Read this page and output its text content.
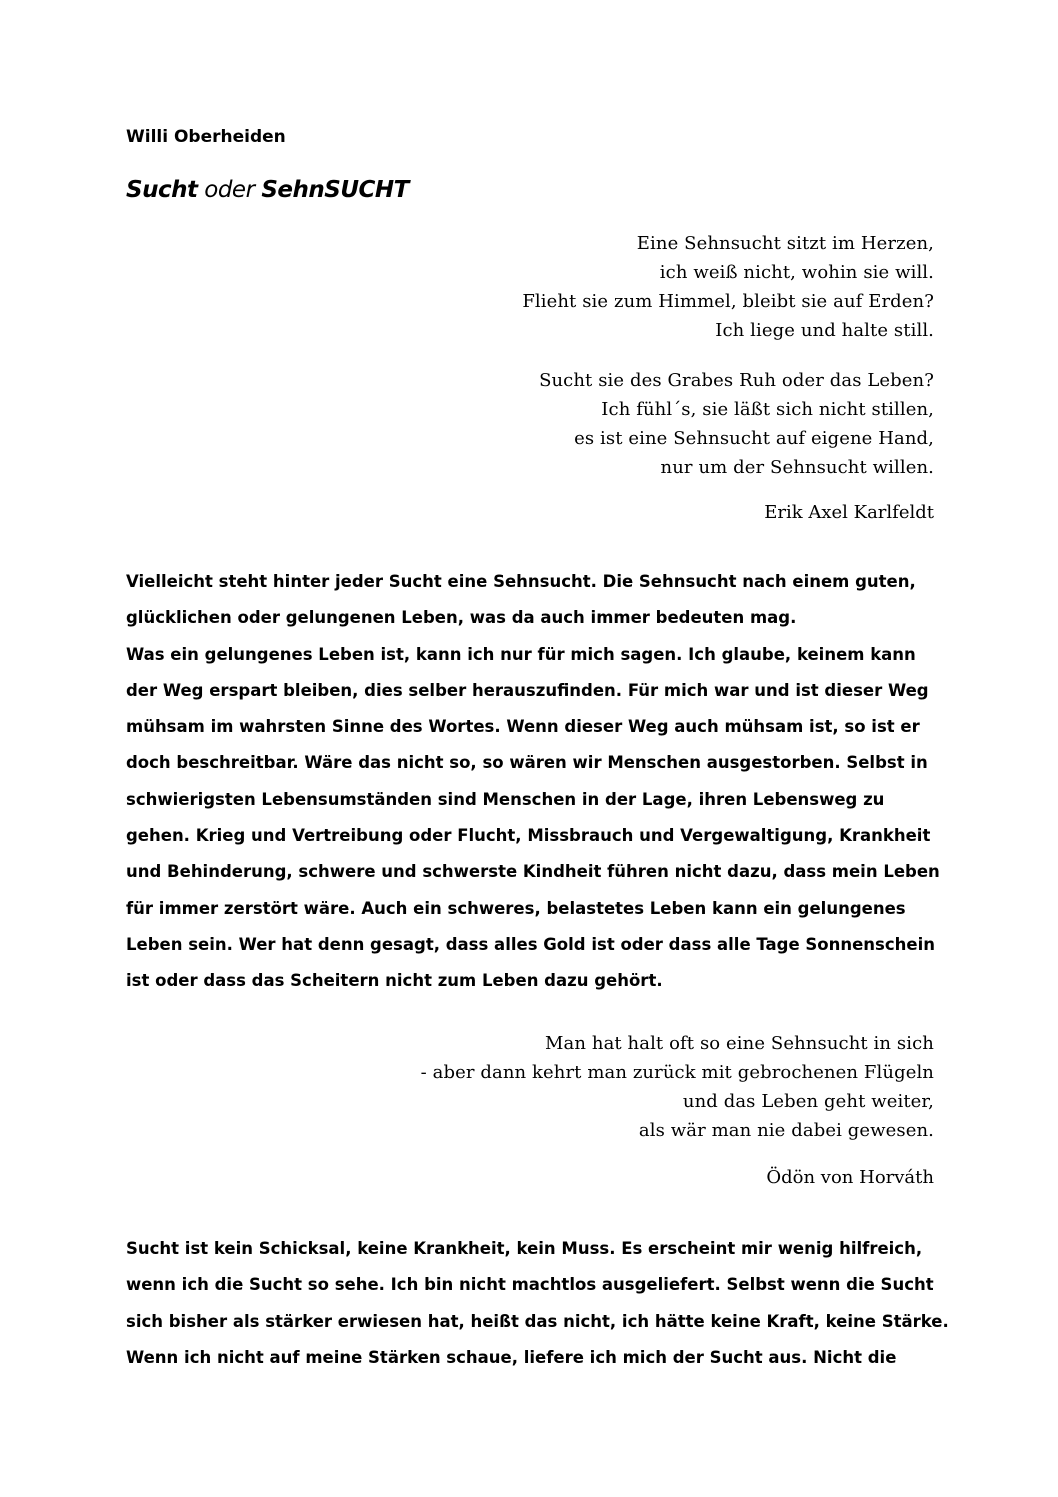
Willi Oberheiden
Sucht oder SehnSUCHT
Eine Sehnsucht sitzt im Herzen,
ich weiß nicht, wohin sie will.
Flieht sie zum Himmel, bleibt sie auf Erden?
Ich liege und halte still.
Sucht sie des Grabes Ruh oder das Leben?
Ich fühl´s, sie läßt sich nicht stillen,
es ist eine Sehnsucht auf eigene Hand,
nur um der Sehnsucht willen.
Erik Axel Karlfeldt
Vielleicht steht hinter jeder Sucht eine Sehnsucht. Die Sehnsucht nach einem guten,
glücklichen oder gelungenen Leben, was da auch immer bedeuten mag.
Was ein gelungenes Leben ist, kann ich nur für mich sagen. Ich glaube, keinem kann
der Weg erspart bleiben, dies selber herauszufinden. Für mich war und ist dieser Weg
mühsam im wahrsten Sinne des Wortes. Wenn dieser Weg auch mühsam ist, so ist er
doch beschreitbar. Wäre das nicht so, so wären wir Menschen ausgestorben. Selbst in
schwierigsten Lebensumständen sind Menschen in der Lage, ihren Lebensweg zu
gehen. Krieg und Vertreibung oder Flucht, Missbrauch und Vergewaltigung, Krankheit
und Behinderung, schwere und schwerste Kindheit führen nicht dazu, dass mein Leben
für immer zerstört wäre. Auch ein schweres, belastetes Leben kann ein gelungenes
Leben sein. Wer hat denn gesagt, dass alles Gold ist oder dass alle Tage Sonnenschein
ist oder dass das Scheitern nicht zum Leben dazu gehört.
Man hat halt oft so eine Sehnsucht in sich
- aber dann kehrt man zurück mit gebrochenen Flügeln
und das Leben geht weiter,
als wär man nie dabei gewesen.
Ödön von Horváth
Sucht ist kein Schicksal, keine Krankheit, kein Muss. Es erscheint mir wenig hilfreich,
wenn ich die Sucht so sehe. Ich bin nicht machtlos ausgeliefert. Selbst wenn die Sucht
sich bisher als stärker erwiesen hat, heißt das nicht, ich hätte keine Kraft, keine Stärke.
Wenn ich nicht auf meine Stärken schaue, liefere ich mich der Sucht aus. Nicht die
